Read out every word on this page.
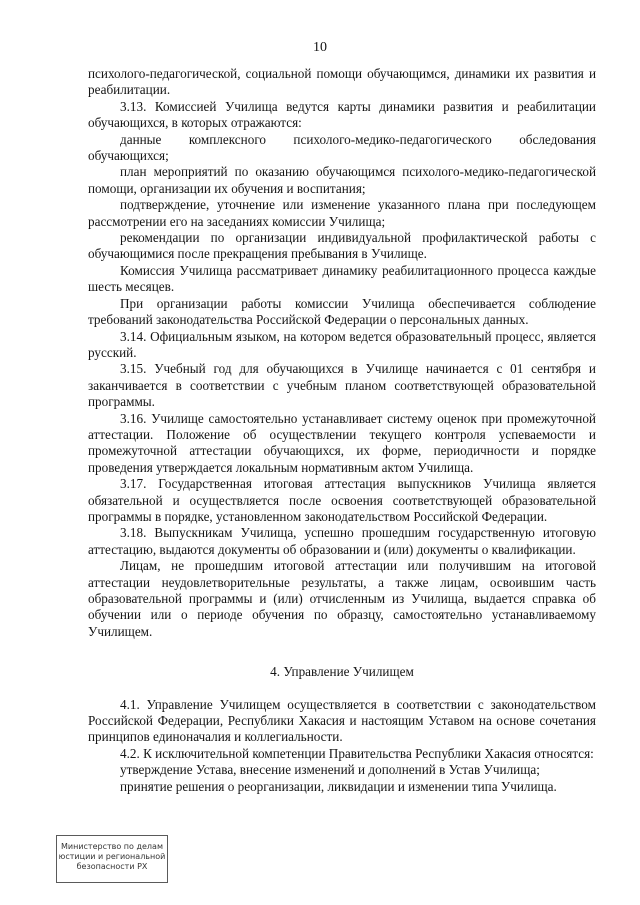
10

психолого-педагогической, социальной помощи обучающимся, динамики их развития и реабилитации.

3.13. Комиссией Училища ведутся карты динамики развития и реабилитации обучающихся, в которых отражаются:

данные комплексного психолого-медико-педагогического обследования обучающихся;

план мероприятий по оказанию обучающимся психолого-медико-педагогической помощи, организации их обучения и воспитания;

подтверждение, уточнение или изменение указанного плана при последующем рассмотрении его на заседаниях комиссии Училища;

рекомендации по организации индивидуальной профилактической работы с обучающимися после прекращения пребывания в Училище.

Комиссия Училища рассматривает динамику реабилитационного процесса каждые шесть месяцев.

При организации работы комиссии Училища обеспечивается соблюдение требований законодательства Российской Федерации о персональных данных.

3.14. Официальным языком, на котором ведется образовательный процесс, является русский.

3.15. Учебный год для обучающихся в Училище начинается с 01 сентября и заканчивается в соответствии с учебным планом соответствующей образовательной программы.

3.16. Училище самостоятельно устанавливает систему оценок при промежуточной аттестации. Положение об осуществлении текущего контроля успеваемости и промежуточной аттестации обучающихся, их форме, периодичности и порядке проведения утверждается локальным нормативным актом Училища.

3.17. Государственная итоговая аттестация выпускников Училища является обязательной и осуществляется после освоения соответствующей образовательной программы в порядке, установленном законодательством Российской Федерации.

3.18. Выпускникам Училища, успешно прошедшим государственную итоговую аттестацию, выдаются документы об образовании и (или) документы о квалификации.

Лицам, не прошедшим итоговой аттестации или получившим на итоговой аттестации неудовлетворительные результаты, а также лицам, освоившим часть образовательной программы и (или) отчисленным из Училища, выдается справка об обучении или о периоде обучения по образцу, самостоятельно устанавливаемому Училищем.

4. Управление Училищем

4.1. Управление Училищем осуществляется в соответствии с законодательством Российской Федерации, Республики Хакасия и настоящим Уставом на основе сочетания принципов единоначалия и коллегиальности.

4.2. К исключительной компетенции Правительства Республики Хакасия относятся:

утверждение Устава, внесение изменений и дополнений в Устав Училища;

принятие решения о реорганизации, ликвидации и изменении типа Училища.

Министерство по делам
юстиции и региональной
безопасности РХ
